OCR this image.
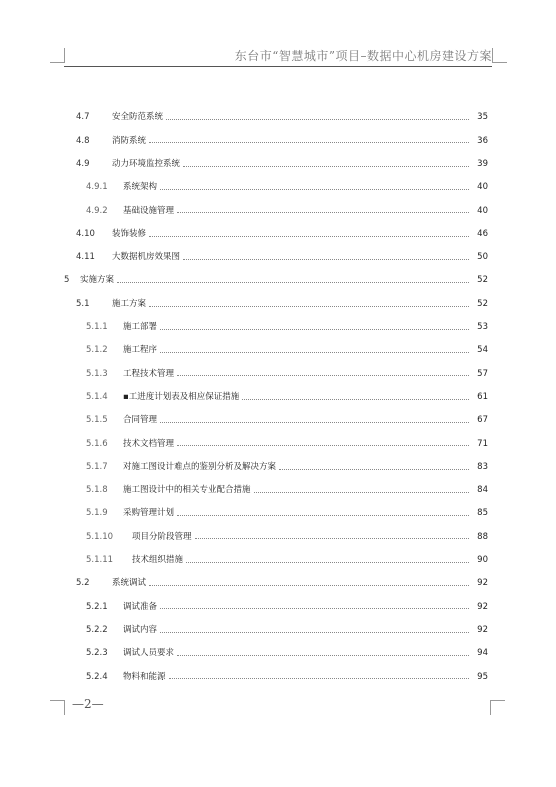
东台市“智慧城市”项目–数据中心机房建设方案
4.7	安全防范系统	35
4.8	消防系统	36
4.9	动力环境监控系统	39
4.9.1	系统架构	40
4.9.2	基础设施管理	40
4.10	装饰装修	46
4.11	大数据机房效果图	50
5	实施方案	52
5.1	施工方案	52
5.1.1	施工部署	53
5.1.2	施工程序	54
5.1.3	工程技术管理	57
5.1.4	▪工进度计划表及相应保证措施	61
5.1.5	合同管理	67
5.1.6	技术文档管理	71
5.1.7	对施工图设计难点的鉴别分析及解决方案	83
5.1.8	施工图设计中的相关专业配合措施	84
5.1.9	采购管理计划	85
5.1.10	项目分阶段管理	88
5.1.11	技术组织措施	90
5.2	系统调试	92
5.2.1	调试准备	92
5.2.2	调试内容	92
5.2.3	调试人员要求	94
5.2.4	物料和能源	95
—2—
